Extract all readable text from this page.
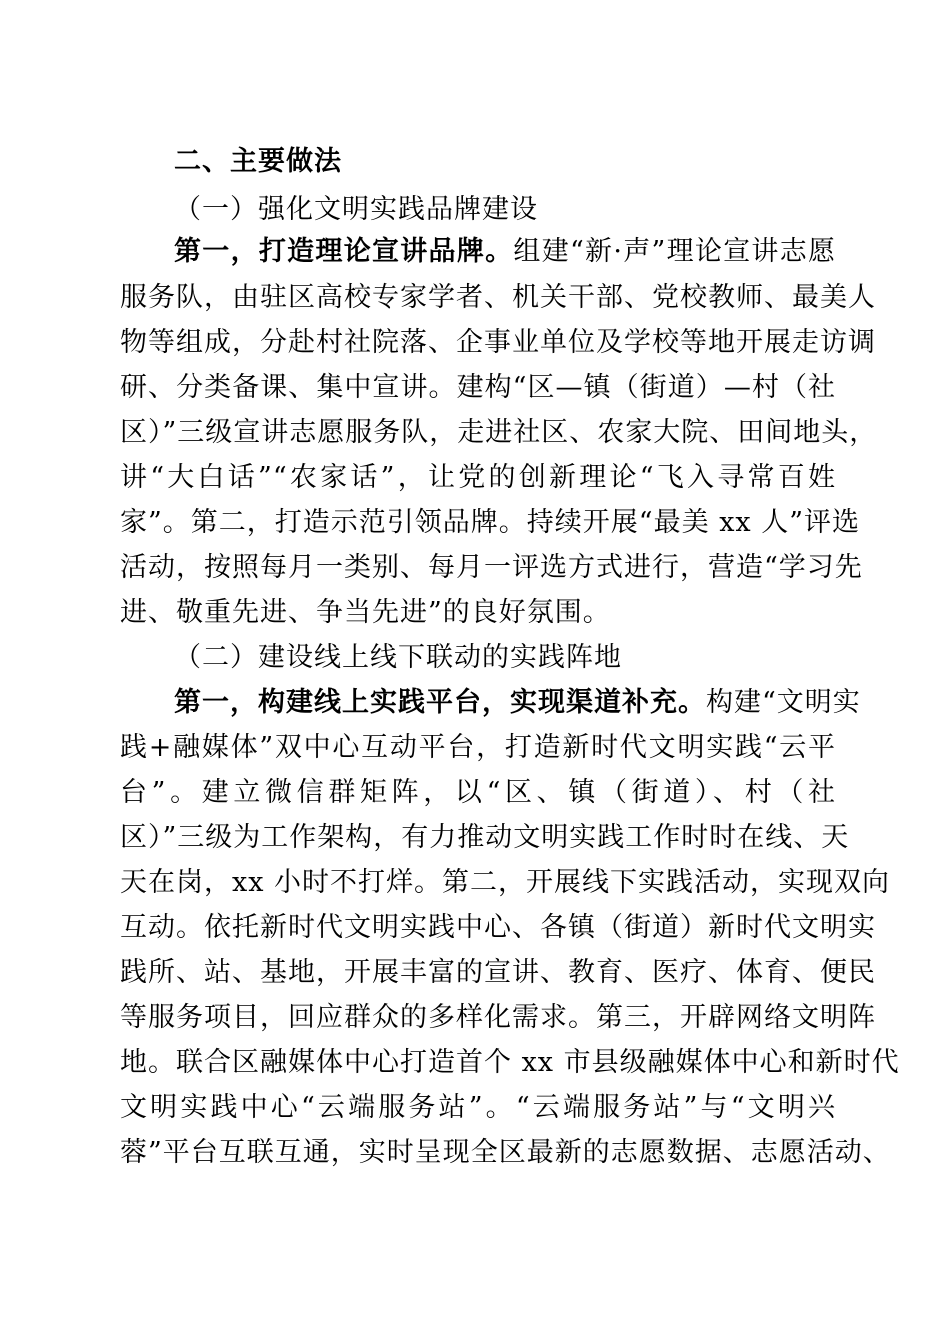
二、主要做法
（一）强化文明实践品牌建设
第一，打造理论宣讲品牌。组建“新·声”理论宣讲志愿
服务队，由驻区高校专家学者、机关干部、党校教师、最美人
物等组成，分赴村社院落、企事业单位及学校等地开展走访调
研、分类备课、集中宣讲。建构“区—镇（街道）—村（社
区）”三级宣讲志愿服务队，走进社区、农家大院、田间地头，
讲“大白话”“农家话”，让党的创新理论“飞入寻常百姓
家”。第二，打造示范引领品牌。持续开展“最美 xx 人”评选
活动，按照每月一类别、每月一评选方式进行，营造“学习先
进、敬重先进、争当先进”的良好氛围。
（二）建设线上线下联动的实践阵地
第一，构建线上实践平台，实现渠道补充。构建“文明实
践+融媒体”双中心互动平台，打造新时代文明实践“云平
台”。建立微信群矩阵，以“区、镇（街道）、村（社
区）”三级为工作架构，有力推动文明实践工作时时在线、天
天在岗，xx 小时不打烊。第二，开展线下实践活动，实现双向
互动。依托新时代文明实践中心、各镇（街道）新时代文明实
践所、站、基地，开展丰富的宣讲、教育、医疗、体育、便民
等服务项目，回应群众的多样化需求。第三，开辟网络文明阵
地。联合区融媒体中心打造首个 xx 市县级融媒体中心和新时代
文明实践中心“云端服务站”。“云端服务站”与“文明兴
蓉”平台互联互通，实时呈现全区最新的志愿数据、志愿活动、
